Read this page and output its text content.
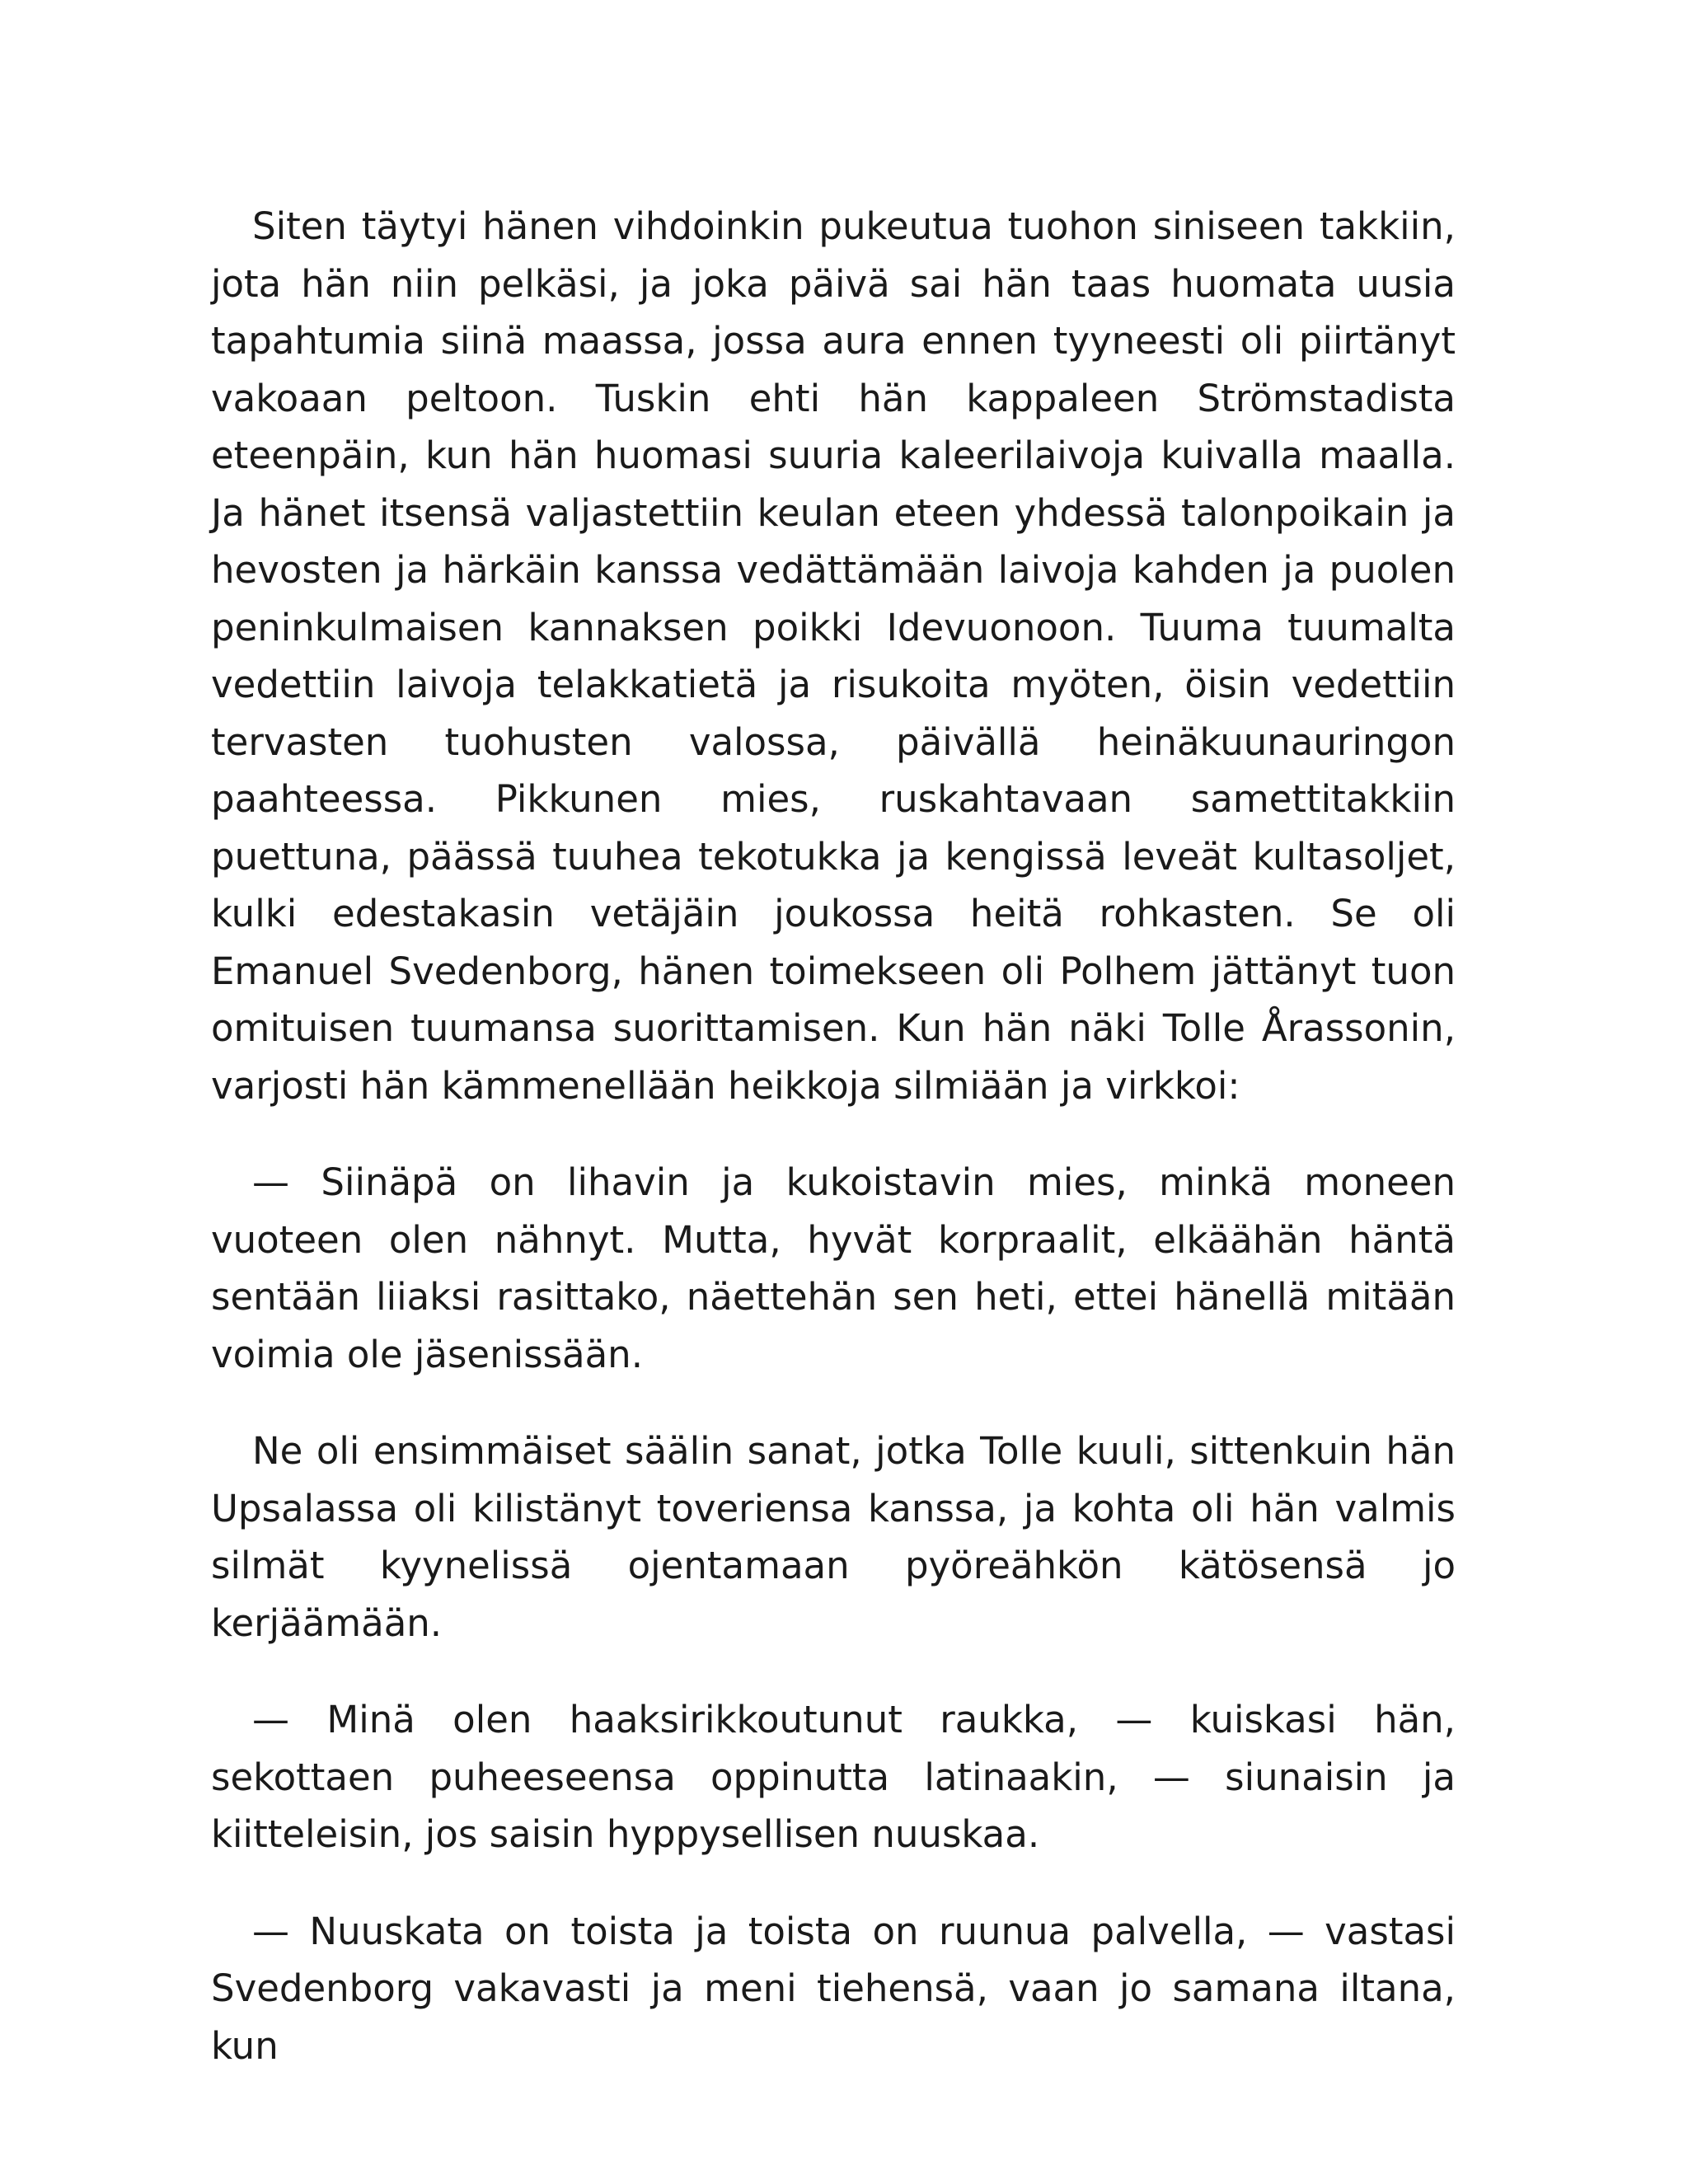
Siten täytyi hänen vihdoinkin pukeutua tuohon siniseen takkiin, jota hän niin pelkäsi, ja joka päivä sai hän taas huomata uusia tapahtumia siinä maassa, jossa aura ennen tyyneesti oli piirtänyt vakoaan peltoon. Tuskin ehti hän kappaleen Strömstadista eteenpäin, kun hän huomasi suuria kaleerilaivoja kuivalla maalla. Ja hänet itsensä valjastettiin keulan eteen yhdessä talonpoikain ja hevosten ja härkäin kanssa vedättämään laivoja kahden ja puolen peninkulmaisen kannaksen poikki Idevuonoon. Tuuma tuumalta vedettiin laivoja telakkatietä ja risukoita myöten, öisin vedettiin tervasten tuohusten valossa, päivällä heinäkuunauringon paahteessa. Pikkunen mies, ruskahtavaan samettitakkiin puettuna, päässä tuuhea tekotukka ja kengissä leveät kultasoljet, kulki edestakasin vetäjäin joukossa heitä rohkasten. Se oli Emanuel Svedenborg, hänen toimekseen oli Polhem jättänyt tuon omituisen tuumansa suorittamisen. Kun hän näki Tolle Årassonin, varjosti hän kämmenellään heikkoja silmiään ja virkkoi:

— Siinäpä on lihavin ja kukoistavin mies, minkä moneen vuoteen olen nähnyt. Mutta, hyvät korpraalit, elkäähän häntä sentään liiaksi rasittako, näettehän sen heti, ettei hänellä mitään voimia ole jäsenissään.

Ne oli ensimmäiset säälin sanat, jotka Tolle kuuli, sittenkuin hän Upsalassa oli kilistänyt toveriensa kanssa, ja kohta oli hän valmis silmät kyynelissä ojentamaan pyöreähkön kätösensä jo kerjäämään.

— Minä olen haaksirikkoutunut raukka, — kuiskasi hän, sekottaen puheeseensa oppinutta latinaakin, — siunaisin ja kiitteleisin, jos saisin hyppysellisen nuuskaa.

— Nuuskata on toista ja toista on ruunua palvella, — vastasi Svedenborg vakavasti ja meni tiehensä, vaan jo samana iltana, kun
